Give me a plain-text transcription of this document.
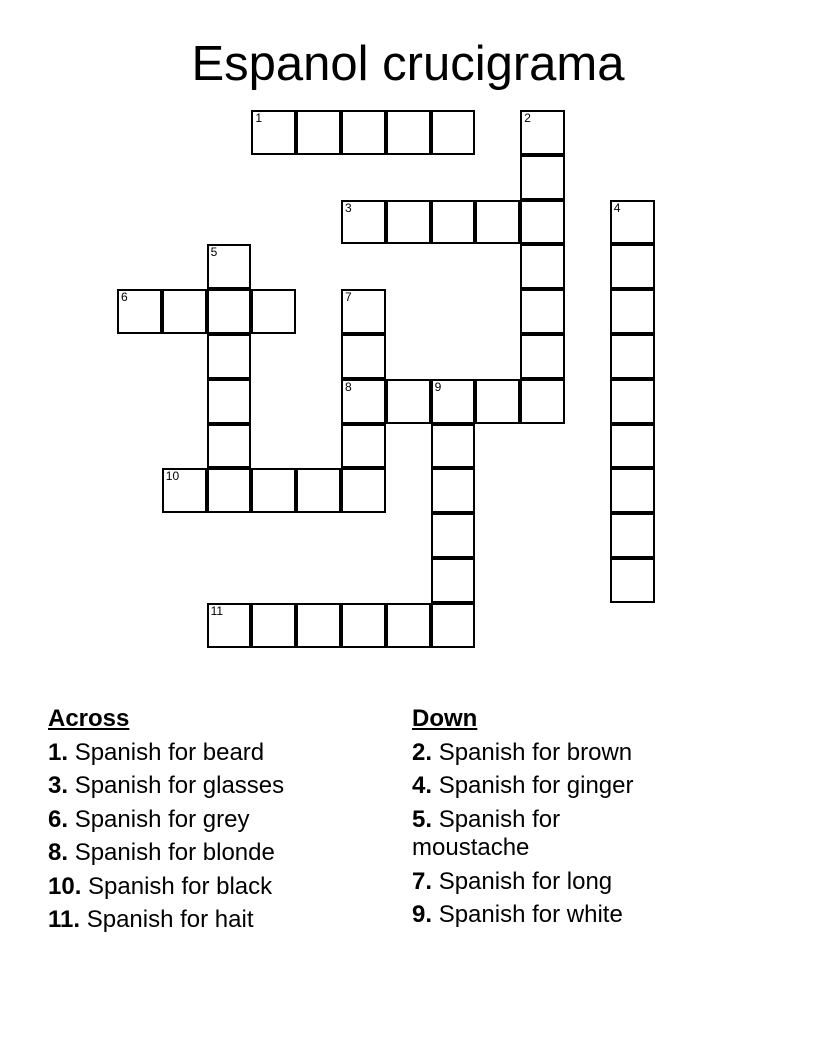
Espanol crucigrama
1	2
3	4
5
6	7
8	9
10
11
Across
1. Spanish for beard
3. Spanish for glasses
6. Spanish for grey
8. Spanish for blonde
10. Spanish for black
11. Spanish for hait
Down
2. Spanish for brown
4. Spanish for ginger
5. Spanish for moustache
7. Spanish for long
9. Spanish for white
